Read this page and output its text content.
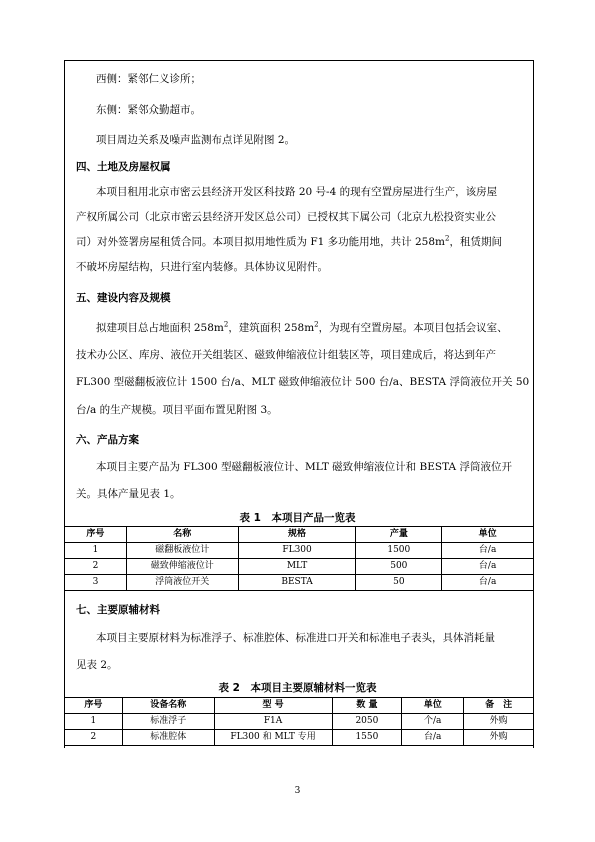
西侧：紧邻仁义诊所；
东侧：紧邻众勤超市。
项目周边关系及噪声监测布点详见附图 2。
四、土地及房屋权属
本项目租用北京市密云县经济开发区科技路 20 号-4 的现有空置房屋进行生产，该房屋
产权所属公司（北京市密云县经济开发区总公司）已授权其下属公司（北京九松投资实业公
司）对外签署房屋租赁合同。本项目拟用地性质为 F1 多功能用地，共计 $258m^2$，租赁期间
不破坏房屋结构，只进行室内装修。具体协议见附件。
五、建设内容及规模
拟建项目总占地面积 $258m^2$，建筑面积 $258m^2$，为现有空置房屋。本项目包括会议室、
技术办公区、库房、液位开关组装区、磁致伸缩液位计组装区等，项目建成后，将达到年产
FL300 型磁翻板液位计 1500 台/a、MLT 磁致伸缩液位计 500 台/a、BESTA 浮筒液位开关 50
台/a 的生产规模。项目平面布置见附图 3。
六、产品方案
本项目主要产品为 FL300 型磁翻板液位计、MLT 磁致伸缩液位计和 BESTA 浮筒液位开
关。具体产量见表 1。
表 1　本项目产品一览表
序号	名称	规格	产量	单位
1	磁翻板液位计	FL300	1500	台/a
2	磁致伸缩液位计	MLT	500	台/a
3	浮筒液位开关	BESTA	50	台/a
七、主要原辅材料
本项目主要原材料为标准浮子、标准腔体、标准进口开关和标准电子表头，具体消耗量
见表 2。
表 2　本项目主要原辅材料一览表
序号	设备名称	型 号	数 量	单位	备　注
1	标准浮子	F1A	2050	个/a	外购
2	标准腔体	FL300 和 MLT 专用	1550	台/a	外购
3
